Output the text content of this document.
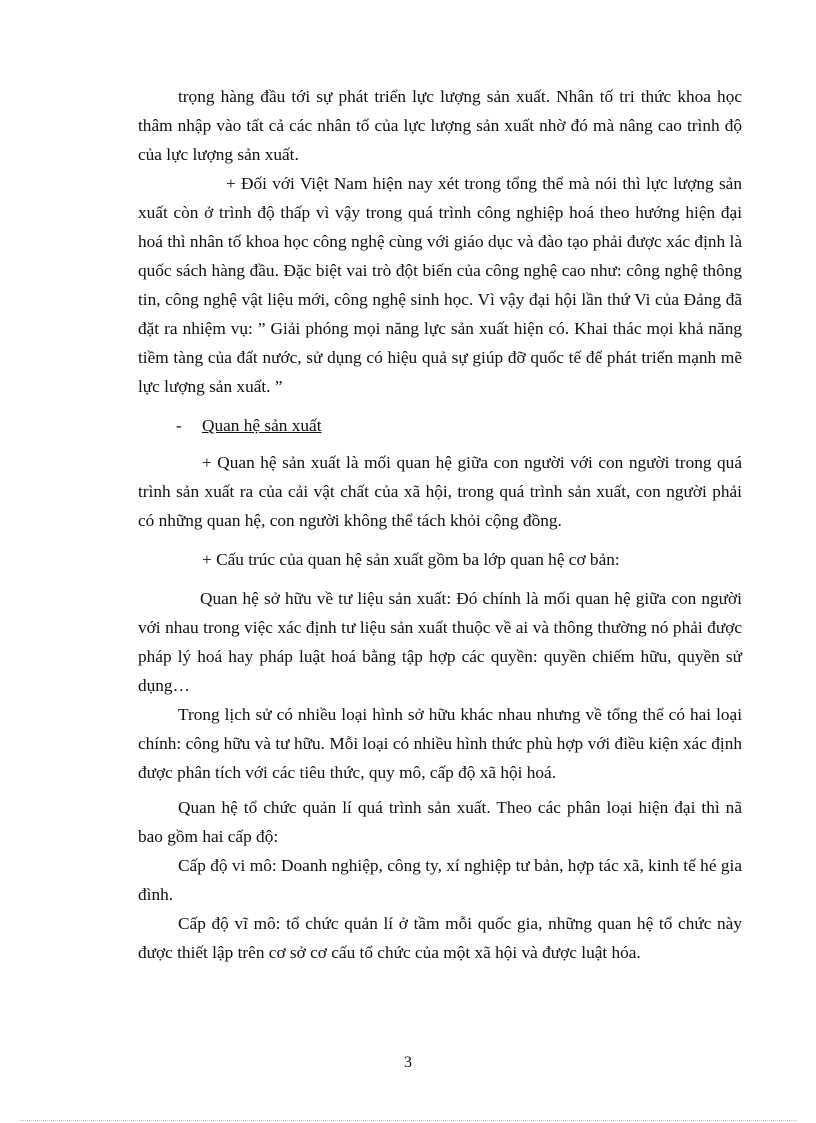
trọng hàng đầu tới sự phát triển lực lượng sản xuất. Nhân tố tri thức khoa học thâm nhập vào tất cả các nhân tố của lực lượng sản xuất nhờ đó mà nâng cao trình độ của lực lượng sản xuất.

+ Đối với Việt Nam hiện nay xét trong tổng thể mà nói thì lực lượng sản xuất còn ở trình độ thấp vì vậy trong quá trình công nghiệp hoá theo hướng hiện đại hoá thì nhân tố khoa học công nghệ cùng với giáo dục và đào tạo phải được xác định là quốc sách hàng đầu. Đặc biệt vai trò đột biến của công nghệ cao như: công nghệ thông tin, công nghệ vật liệu mới, công nghệ sinh học. Vì vậy đại hội lần thứ Vi của Đảng đã đặt ra nhiệm vụ: ” Giải phóng mọi năng lực sản xuất hiện có. Khai thác mọi khả năng tiềm tàng của đất nước, sử dụng có hiệu quả sự giúp đỡ quốc tế để phát triển mạnh mẽ lực lượng sản xuất. ”

-	Quan hệ sản xuất

+ Quan hệ sản xuất là mối quan hệ giữa con người với con người trong quá trình sản xuất ra của cải vật chất của xã hội, trong quá trình sản xuất, con người phải có những quan hệ, con người không thể tách khỏi cộng đồng.

+ Cấu trúc của quan hệ sản xuất gồm ba lớp quan hệ cơ bản:

Quan hệ sở hữu về tư liệu sản xuất: Đó chính là mối quan hệ giữa con người với nhau trong việc xác định tư liệu sản xuất thuộc về ai và thông thường nó phải được pháp lý hoá hay pháp luật hoá bằng tập hợp các quyền: quyền chiếm hữu, quyền sử dụng…

Trong lịch sử có nhiều loại hình sở hữu khác nhau nhưng về tổng thể có hai loại chính: công hữu và tư hữu. Mỗi loại có nhiều hình thức phù hợp với điều kiện xác định được phân tích với các tiêu thức, quy mô, cấp độ xã hội hoá.

Quan hệ tổ chức quản lí quá trình sản xuất. Theo các phân loại hiện đại thì nã bao gồm hai cấp độ:

Cấp độ vi mô: Doanh nghiệp, công ty, xí nghiệp tư bản, hợp tác xã, kinh tế hé gia đình.

Cấp độ vĩ mô: tổ chức quản lí ở tầm mỗi quốc gia, những quan hệ tổ chức này được thiết lập trên cơ sở cơ cấu tổ chức của một xã hội và được luật hóa.

3
